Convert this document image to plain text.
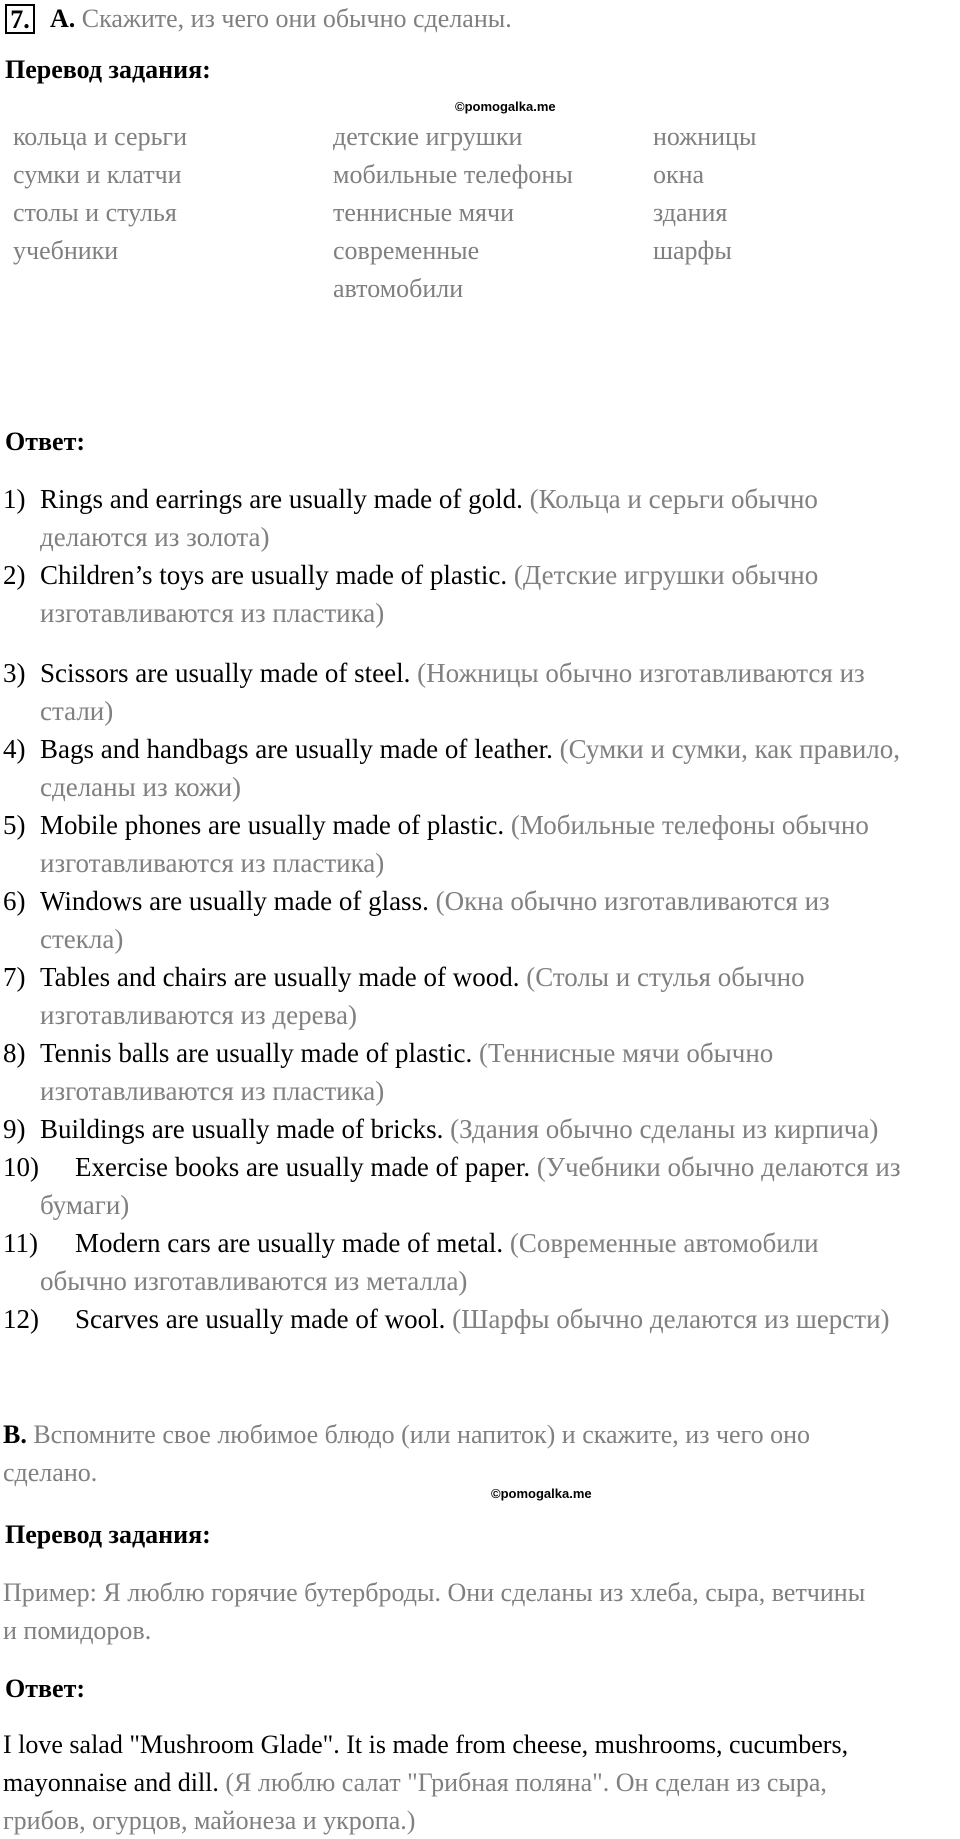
7. A. Скажите, из чего они обычно сделаны.
Перевод задания:
©pomogalka.me
кольца и серьги
сумки и клатчи
столы и стулья
учебники
детские игрушки
мобильные телефоны
теннисные мячи
современные
автомобили
ножницы
окна
здания
шарфы
Ответ:
1) Rings and earrings are usually made of gold. (Кольца и серьги обычно
делаются из золота)
2) Children’s toys are usually made of plastic. (Детские игрушки обычно
изготавливаются из пластика)
3) Scissors are usually made of steel. (Ножницы обычно изготавливаются из
стали)
4) Bags and handbags are usually made of leather. (Сумки и сумки, как правило,
сделаны из кожи)
5) Mobile phones are usually made of plastic. (Мобильные телефоны обычно
изготавливаются из пластика)
6) Windows are usually made of glass. (Окна обычно изготавливаются из
стекла)
7) Tables and chairs are usually made of wood. (Столы и стулья обычно
изготавливаются из дерева)
8) Tennis balls are usually made of plastic. (Теннисные мячи обычно
изготавливаются из пластика)
9) Buildings are usually made of bricks. (Здания обычно сделаны из кирпича)
10) Exercise books are usually made of paper. (Учебники обычно делаются из
бумаги)
11) Modern cars are usually made of metal. (Современные автомобили
обычно изготавливаются из металла)
12) Scarves are usually made of wool. (Шарфы обычно делаются из шерсти)
B. Вспомните свое любимое блюдо (или напиток) и скажите, из чего оно
сделано.
©pomogalka.me
Перевод задания:
Пример: Я люблю горячие бутерброды. Они сделаны из хлеба, сыра, ветчины
и помидоров.
Ответ:
I love salad "Mushroom Glade". It is made from cheese, mushrooms, cucumbers,
mayonnaise and dill. (Я люблю салат "Грибная поляна". Он сделан из сыра,
грибов, огурцов, майонеза и укропа.)
